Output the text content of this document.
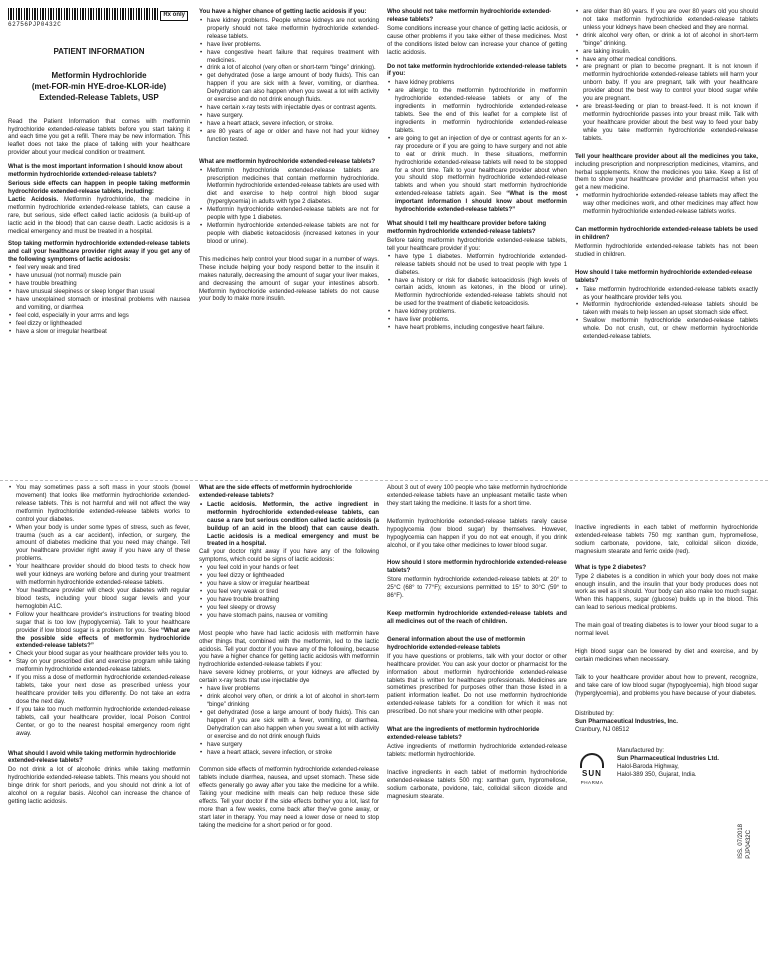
62756PJP0432C
Rx only
PATIENT INFORMATION
Metformin Hydrochloride
(met-FOR-min HYE-droe-KLOR-ide)
Extended-Release Tablets, USP

Read the Patient Information that comes with metformin hydrochloride extended-release tablets before you start taking it and each time you get a refill. There may be new information. This leaflet does not take the place of talking with your healthcare provider about your medical condition or treatment.

What is the most important information I should know about metformin hydrochloride extended-release tablets?

Serious side effects can happen in people taking metformin hydrochloride extended-release tablets, including:

Lactic Acidosis. Metformin hydrochloride, the medicine in metformin hydrochloride extended-release tablets, can cause a rare, but serious, side effect called lactic acidosis (a build-up of lactic acid in the blood) that can cause death. Lactic acidosis is a medical emergency and must be treated in a hospital.

Stop taking metformin hydrochloride extended-release tablets and call your healthcare provider right away if you get any of the following symptoms of lactic acidosis:

• feel very weak and tired
• have unusual (not normal) muscle pain
• have trouble breathing
• have unusual sleepiness or sleep longer than usual
• have unexplained stomach or intestinal problems with nausea and vomiting, or diarrhea
• feel cold, especially in your arms and legs
• feel dizzy or lightheaded
• have a slow or irregular heartbeat
You have a higher chance of getting lactic acidosis if you:
• have kidney problems. People whose kidneys are not working properly should not take metformin hydrochloride extended-release tablets.
• have liver problems.
• have congestive heart failure that requires treatment with medicines.
• drink a lot of alcohol (very often or short-term “binge” drinking).
• get dehydrated (lose a large amount of body fluids). This can happen if you are sick with a fever, vomiting, or diarrhea. Dehydration can also happen when you sweat a lot with activity or exercise and do not drink enough fluids.
• have certain x-ray tests with injectable dyes or contrast agents.
• have surgery.
• have a heart attack, severe infection, or stroke.
• are 80 years of age or older and have not had your kidney function tested.
What are metformin hydrochloride extended-release tablets?
• Metformin hydrochloride extended-release tablets are prescription medicines that contain metformin hydrochloride. Metformin hydrochloride extended-release tablets are used with diet and exercise to help control high blood sugar (hyperglycemia) in adults with type 2 diabetes.
• Metformin hydrochloride extended-release tablets are not for people with type 1 diabetes.
• Metformin hydrochloride extended-release tablets are not for people with diabetic ketoacidosis (increased ketones in your blood or urine).

This medicines help control your blood sugar in a number of ways. These include helping your body respond better to the insulin it makes naturally, decreasing the amount of sugar your liver makes, and decreasing the amount of sugar your intestines absorb. Metformin hydrochloride extended-release tablets do not cause your body to make more insulin.

Who should not take metformin hydrochloride extended-release tablets?

Some conditions increase your chance of getting lactic acidosis, or cause other problems if you take either of these medicines. Most of the conditions listed below can increase your chance of getting lactic acidosis.

Do not take metformin hydrochloride extended-release tablets if you:
• have kidney problems
• are allergic to the metformin hydrochloride in metformin hydrochloride extended-release tablets or any of the ingredients in metformin hydrochloride extended-release tablets. See the end of this leaflet for a complete list of ingredients in metformin hydrochloride extended-release tablets.
• are going to get an injection of dye or contrast agents for an x-ray procedure or if you are going to have surgery and not able to eat or drink much. In these situations, metformin hydrochloride extended-release tablets will need to be stopped for a short time. Talk to your healthcare provider about when you should stop metformin hydrochloride extended-release tablets and when you should start metformin hydrochloride extended-release tablets again. See “What is the most important information I should know about metformin hydrochloride extended-release tablets?”
What should I tell my healthcare provider before taking metformin hydrochloride extended-release tablets?

Before taking metformin hydrochloride extended-release tablets, tell your healthcare provider if you:

• have type 1 diabetes. Metformin hydrochloride extended-release tablets should not be used to treat people with type 1 diabetes.
• have a history or risk for diabetic ketoacidosis (high levels of certain acids, known as ketones, in the blood or urine). Metformin hydrochloride extended-release tablets should not be used for the treatment of diabetic ketoacidosis.
• have kidney problems.
• have liver problems.
• have heart problems, including congestive heart failure.
• are older than 80 years. If you are over 80 years old you should not take metformin hydrochloride extended-release tablets unless your kidneys have been checked and they are normal.
• drink alcohol very often, or drink a lot of alcohol in short-term “binge” drinking.
• are taking insulin.
• have any other medical conditions.
• are pregnant or plan to become pregnant. It is not known if metformin hydrochloride extended-release tablets will harm your unborn baby. If you are pregnant, talk with your healthcare provider about the best way to control your blood sugar while you are pregnant.
• are breast-feeding or plan to breast-feed. It is not known if metformin hydrochloride passes into your breast milk. Talk with your healthcare provider about the best way to feed your baby while you take metformin hydrochloride extended-release tablets.

Tell your healthcare provider about all the medicines you take, including prescription and nonprescription medicines, vitamins, and herbal supplements. Know the medicines you take. Keep a list of them to show your healthcare provider and pharmacist when you get a new medicine.

• metformin hydrochloride extended-release tablets may affect the way other medicines work, and other medicines may affect how metformin hydrochloride extended-release tablets works.
Can metformin hydrochloride extended-release tablets be used in children?

Metformin hydrochloride extended-release tablets has not been studied in children.

How should I take metformin hydrochloride extended-release tablets?
• Take metformin hydrochloride extended-release tablets exactly as your healthcare provider tells you.
• Metformin hydrochloride extended-release tablets should be taken with meals to help lessen an upset stomach side effect.
• Swallow metformin hydrochloride extended-release tablets whole. Do not crush, cut, or chew metformin hydrochloride extended-release tablets.
• You may sometimes pass a soft mass in your stools (bowel movement) that looks like metformin hydrochloride extended-release tablets. This is not harmful and will not affect the way metformin hydrochloride extended-release tablets works to control your diabetes.
• When your body is under some types of stress, such as fever, trauma (such as a car accident), infection, or surgery, the amount of diabetes medicine that you need may change. Tell your healthcare provider right away if you have any of these problems.
• Your healthcare provider should do blood tests to check how well your kidneys are working before and during your treatment with metformin hydrochloride extended-release tablets.
• Your healthcare provider will check your diabetes with regular blood tests, including your blood sugar levels and your hemoglobin A1C.
• Follow your healthcare provider's instructions for treating blood sugar that is too low (hypoglycemia). Talk to your healthcare provider if low blood sugar is a problem for you. See “What are the possible side effects of metformin hydrochloride extended-release tablets?”
• Check your blood sugar as your healthcare provider tells you to.
• Stay on your prescribed diet and exercise program while taking metformin hydrochloride extended-release tablets.
• If you miss a dose of metformin hydrochloride extended-release tablets, take your next dose as prescribed unless your healthcare provider tells you differently. Do not take an extra dose the next day.
• If you take too much metformin hydrochloride extended-release tablets, call your healthcare provider, local Poison Control Center, or go to the nearest hospital emergency room right away.
What should I avoid while taking metformin hydrochloride extended-release tablets?

Do not drink a lot of alcoholic drinks while taking metformin hydrochloride extended-release tablets. This means you should not binge drink for short periods, and you should not drink a lot of alcohol on a regular basis. Alcohol can increase the chance of getting lactic acidosis.

What are the side effects of metformin hydrochloride extended-release tablets?
• Lactic acidosis. Metformin, the active ingredient in metformin hydrochloride extended-release tablets, can cause a rare but serious condition called lactic acidosis (a buildup of an acid in the blood) that can cause death. Lactic acidosis is a medical emergency and must be treated in a hospital.

Call your doctor right away if you have any of the following symptoms, which could be signs of lactic acidosis:

• you feel cold in your hands or feet
• you feel dizzy or lightheaded
• you have a slow or irregular heartbeat
• you feel very weak or tired
• you have trouble breathing
• you feel sleepy or drowsy
• you have stomach pains, nausea or vomiting

Most people who have had lactic acidosis with metformin have other things that, combined with the metformin, led to the lactic acidosis. Tell your doctor if you have any of the following, because you have a higher chance for getting lactic acidosis with metformin hydrochloride extended-release tablets if you:

have severe kidney problems, or your kidneys are affected by certain x-ray tests that use injectable dye

• have liver problems
• drink alcohol very often, or drink a lot of alcohol in short-term “binge” drinking
• get dehydrated (lose a large amount of body fluids). This can happen if you are sick with a fever, vomiting, or diarrhea. Dehydration can also happen when you sweat a lot with activity or exercise and do not drink enough fluids
• have surgery
• have a heart attack, severe infection, or stroke

Common side effects of metformin hydrochloride extended-release tablets include diarrhea, nausea, and upset stomach. These side effects generally go away after you take the medicine for a while. Taking your medicine with meals can help reduce these side effects. Tell your doctor if the side effects bother you a lot, last for more than a few weeks, come back after they've gone away, or start later in therapy. You may need a lower dose or need to stop taking the medicine for a short period or for good.

About 3 out of every 100 people who take metformin hydrochloride extended-release tablets have an unpleasant metallic taste when they start taking the medicine. It lasts for a short time.

Metformin hydrochloride extended-release tablets rarely cause hypoglycemia (low blood sugar) by themselves. However, hypoglycemia can happen if you do not eat enough, if you drink alcohol, or if you take other medicines to lower blood sugar.

How should I store metformin hydrochloride extended-release tablets?

Store metformin hydrochloride extended-release tablets at 20° to 25°C (68° to 77°F); excursions permitted to 15° to 30°C (59° to 86°F).

Keep metformin hydrochloride extended-release tablets and all medicines out of the reach of children.

General information about the use of metformin hydrochloride extended-release tablets

If you have questions or problems, talk with your doctor or other healthcare provider. You can ask your doctor or pharmacist for the information about metformin hydrochloride extended-release tablets that is written for healthcare professionals. Medicines are sometimes prescribed for purposes other than those listed in a patient information leaflet. Do not use metformin hydrochloride extended-release tablets for a condition for which it was not prescribed. Do not share your medicine with other people.

What are the ingredients of metformin hydrochloride extended-release tablets?

Active ingredients of metformin hydrochloride extended-release tablets: metformin hydrochloride.

Inactive ingredients in each tablet of metformin hydrochloride extended-release tablets 500 mg: xanthan gum, hypromellose, sodium carbonate, povidone, talc, colloidal silicon dioxide and magnesium stearate.

Inactive ingredients in each tablet of metformin hydrochloride extended-release tablets 750 mg: xanthan gum, hypromellose, sodium carbonate, povidone, talc, colloidal silicon dioxide, magnesium stearate and ferric oxide (red).

What is type 2 diabetes?

Type 2 diabetes is a condition in which your body does not make enough insulin, and the insulin that your body produces does not work as well as it should. Your body can also make too much sugar. When this happens, sugar (glucose) builds up in the blood. This can lead to serious medical problems.

The main goal of treating diabetes is to lower your blood sugar to a normal level.

High blood sugar can be lowered by diet and exercise, and by certain medicines when necessary.

Talk to your healthcare provider about how to prevent, recognize, and take care of low blood sugar (hypoglycemia), high blood sugar (hyperglycemia), and problems you have because of your diabetes.

Distributed by:
Sun Pharmaceutical Industries, Inc.
Cranbury, NJ 08512
ISS. 07/2018 PJP0432C
SUN
PHARMA
Manufactured by:
Sun Pharmaceutical Industries Ltd.
Halol-Baroda Highway,
Halol-389 350, Gujarat, India.
